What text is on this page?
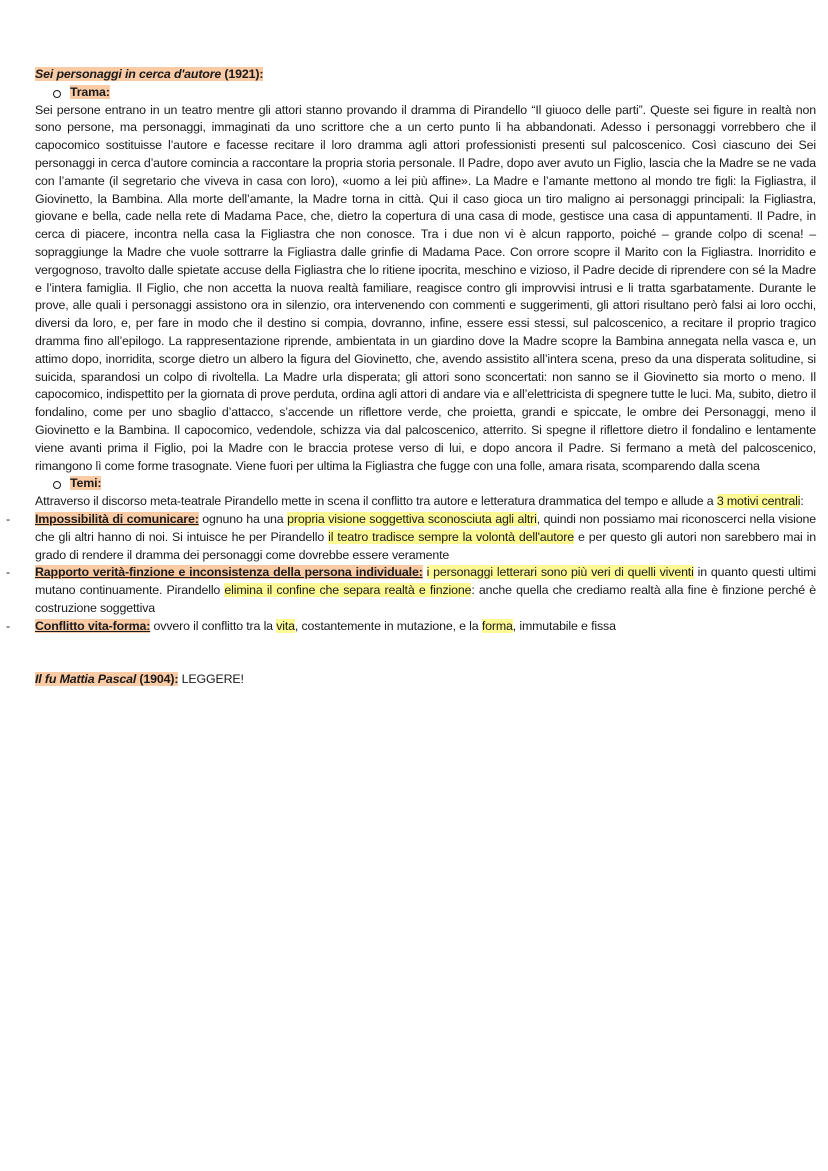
Sei personaggi in cerca d'autore (1921):
Trama:
Sei persone entrano in un teatro mentre gli attori stanno provando il dramma di Pirandello “Il giuoco delle parti”. Queste sei figure in realtà non sono persone, ma personaggi, immaginati da uno scrittore che a un certo punto li ha abbandonati. Adesso i personaggi vorrebbero che il capocomico sostituisse l’autore e facesse recitare il loro dramma agli attori professionisti presenti sul palcoscenico. Così ciascuno dei Sei personaggi in cerca d’autore comincia a raccontare la propria storia personale. Il Padre, dopo aver avuto un Figlio, lascia che la Madre se ne vada con l’amante (il segretario che viveva in casa con loro), «uomo a lei più affine». La Madre e l’amante mettono al mondo tre figli: la Figliastra, il Giovinetto, la Bambina. Alla morte dell’amante, la Madre torna in città. Qui il caso gioca un tiro maligno ai personaggi principali: la Figliastra, giovane e bella, cade nella rete di Madama Pace, che, dietro la copertura di una casa di mode, gestisce una casa di appuntamenti. Il Padre, in cerca di piacere, incontra nella casa la Figliastra che non conosce. Tra i due non vi è alcun rapporto, poiché – grande colpo di scena! – sopraggiunge la Madre che vuole sottrarre la Figliastra dalle grinfie di Madama Pace. Con orrore scopre il Marito con la Figliastra. Inorridito e vergognoso, travolto dalle spietate accuse della Figliastra che lo ritiene ipocrita, meschino e vizioso, il Padre decide di riprendere con sé la Madre e l’intera famiglia. Il Figlio, che non accetta la nuova realtà familiare, reagisce contro gli improvvisi intrusi e li tratta sgarbatamente. Durante le prove, alle quali i personaggi assistono ora in silenzio, ora intervenendo con commenti e suggerimenti, gli attori risultano però falsi ai loro occhi, diversi da loro, e, per fare in modo che il destino si compia, dovranno, infine, essere essi stessi, sul palcoscenico, a recitare il proprio tragico dramma fino all’epilogo. La rappresentazione riprende, ambientata in un giardino dove la Madre scopre la Bambina annegata nella vasca e, un attimo dopo, inorridita, scorge dietro un albero la figura del Giovinetto, che, avendo assistito all’intera scena, preso da una disperata solitudine, si suicida, sparandosi un colpo di rivoltella. La Madre urla disperata; gli attori sono sconcertati: non sanno se il Giovinetto sia morto o meno. Il capocomico, indispettito per la giornata di prove perduta, ordina agli attori di andare via e all’elettricista di spegnere tutte le luci. Ma, subito, dietro il fondalino, come per uno sbaglio d’attacco, s’accende un riflettore verde, che proietta, grandi e spiccate, le ombre dei Personaggi, meno il Giovinetto e la Bambina. Il capocomico, vedendole, schizza via dal palcoscenico, atterrito. Si spegne il riflettore dietro il fondalino e lentamente viene avanti prima il Figlio, poi la Madre con le braccia protese verso di lui, e dopo ancora il Padre. Si fermano a metà del palcoscenico, rimangono lì come forme trasognate. Viene fuori per ultima la Figliastra che fugge con una folle, amara risata, scomparendo dalla scena
Temi:
Attraverso il discorso meta-teatrale Pirandello mette in scena il conflitto tra autore e letteratura drammatica del tempo e allude a 3 motivi centrali:
- Impossibilità di comunicare: ognuno ha una propria visione soggettiva sconosciuta agli altri, quindi non possiamo mai riconoscerci nella visione che gli altri hanno di noi. Si intuisce he per Pirandello il teatro tradisce sempre la volontà dell'autore e per questo gli autori non sarebbero mai in grado di rendere il dramma dei personaggi come dovrebbe essere veramente
- Rapporto verità-finzione e inconsistenza della persona individuale: i personaggi letterari sono più veri di quelli viventi in quanto questi ultimi mutano continuamente. Pirandello elimina il confine che separa realtà e finzione: anche quella che crediamo realtà alla fine è finzione perché è costruzione soggettiva
- Conflitto vita-forma: ovvero il conflitto tra la vita, costantemente in mutazione, e la forma, immutabile e fissa
Il fu Mattia Pascal (1904): LEGGERE!
